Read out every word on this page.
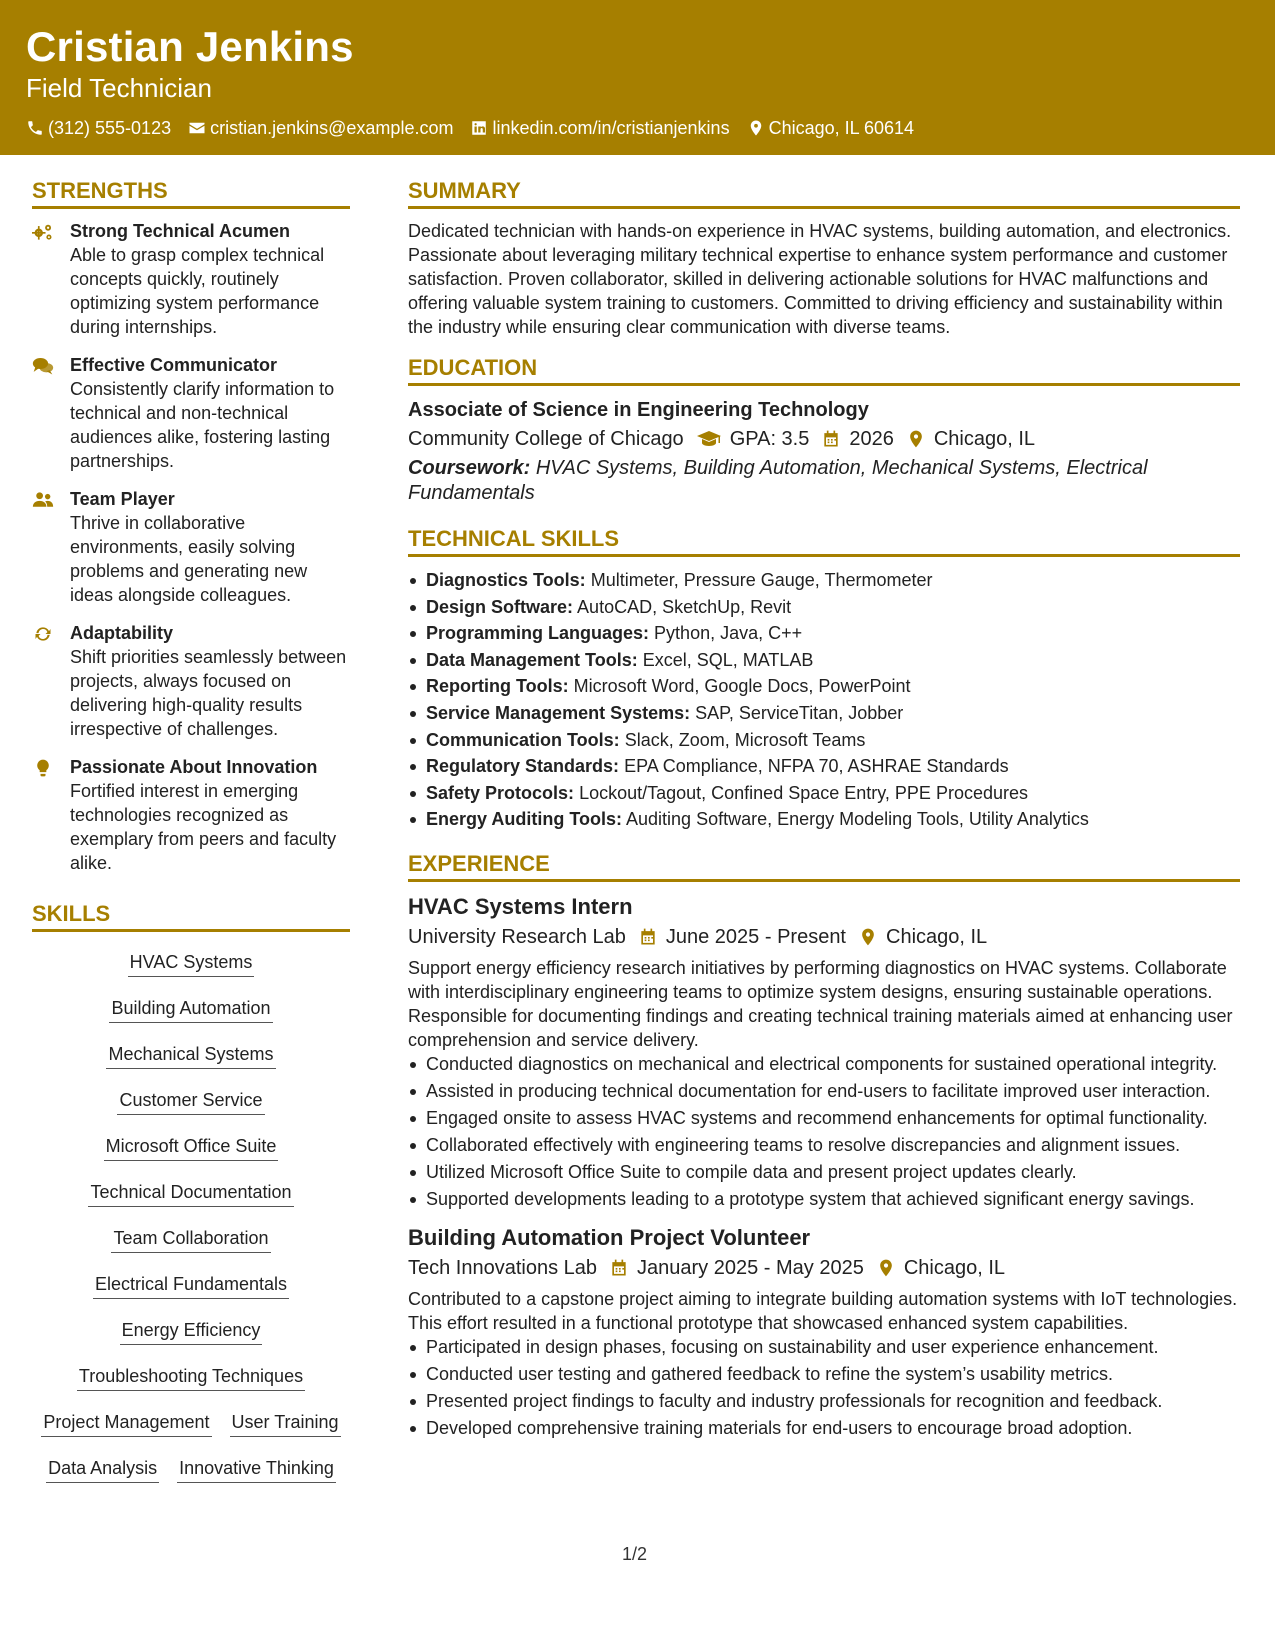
Cristian Jenkins
Field Technician
(312) 555-0123 cristian.jenkins@example.com linkedin.com/in/cristianjenkins Chicago, IL 60614
STRENGTHS
Strong Technical Acumen
Able to grasp complex technical concepts quickly, routinely optimizing system performance during internships.
Effective Communicator
Consistently clarify information to technical and non-technical audiences alike, fostering lasting partnerships.
Team Player
Thrive in collaborative environments, easily solving problems and generating new ideas alongside colleagues.
Adaptability
Shift priorities seamlessly between projects, always focused on delivering high-quality results irrespective of challenges.
Passionate About Innovation
Fortified interest in emerging technologies recognized as exemplary from peers and faculty alike.
SKILLS
HVAC Systems
Building Automation
Mechanical Systems
Customer Service
Microsoft Office Suite
Technical Documentation
Team Collaboration
Electrical Fundamentals
Energy Efficiency
Troubleshooting Techniques
Project Management User Training
Data Analysis Innovative Thinking
SUMMARY
Dedicated technician with hands-on experience in HVAC systems, building automation, and electronics. Passionate about leveraging military technical expertise to enhance system performance and customer satisfaction. Proven collaborator, skilled in delivering actionable solutions for HVAC malfunctions and offering valuable system training to customers. Committed to driving efficiency and sustainability within the industry while ensuring clear communication with diverse teams.
EDUCATION
Associate of Science in Engineering Technology
Community College of Chicago GPA: 3.5 2026 Chicago, IL
Coursework: HVAC Systems, Building Automation, Mechanical Systems, Electrical Fundamentals
TECHNICAL SKILLS
Diagnostics Tools: Multimeter, Pressure Gauge, Thermometer
Design Software: AutoCAD, SketchUp, Revit
Programming Languages: Python, Java, C++
Data Management Tools: Excel, SQL, MATLAB
Reporting Tools: Microsoft Word, Google Docs, PowerPoint
Service Management Systems: SAP, ServiceTitan, Jobber
Communication Tools: Slack, Zoom, Microsoft Teams
Regulatory Standards: EPA Compliance, NFPA 70, ASHRAE Standards
Safety Protocols: Lockout/Tagout, Confined Space Entry, PPE Procedures
Energy Auditing Tools: Auditing Software, Energy Modeling Tools, Utility Analytics
EXPERIENCE
HVAC Systems Intern
University Research Lab June 2025 - Present Chicago, IL
Support energy efficiency research initiatives by performing diagnostics on HVAC systems. Collaborate with interdisciplinary engineering teams to optimize system designs, ensuring sustainable operations. Responsible for documenting findings and creating technical training materials aimed at enhancing user comprehension and service delivery.
Conducted diagnostics on mechanical and electrical components for sustained operational integrity.
Assisted in producing technical documentation for end-users to facilitate improved user interaction.
Engaged onsite to assess HVAC systems and recommend enhancements for optimal functionality.
Collaborated effectively with engineering teams to resolve discrepancies and alignment issues.
Utilized Microsoft Office Suite to compile data and present project updates clearly.
Supported developments leading to a prototype system that achieved significant energy savings.
Building Automation Project Volunteer
Tech Innovations Lab January 2025 - May 2025 Chicago, IL
Contributed to a capstone project aiming to integrate building automation systems with IoT technologies. This effort resulted in a functional prototype that showcased enhanced system capabilities.
Participated in design phases, focusing on sustainability and user experience enhancement.
Conducted user testing and gathered feedback to refine the system’s usability metrics.
Presented project findings to faculty and industry professionals for recognition and feedback.
Developed comprehensive training materials for end-users to encourage broad adoption.
1/2
